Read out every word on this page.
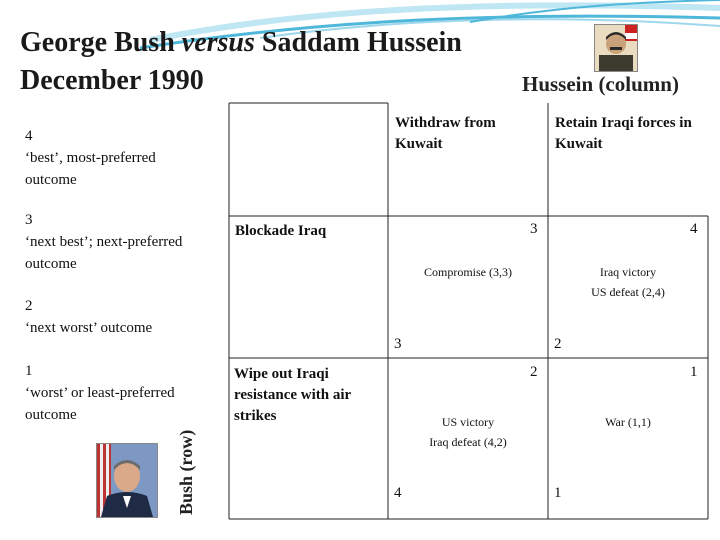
George Bush versus Saddam Hussein
December 1990	Hussein (column)
4
‘best’, most-preferred outcome
3
‘next best’; next-preferred outcome
2
‘next worst’ outcome
1
‘worst’ or least-preferred outcome
Bush (row)
Withdraw from Kuwait
Retain Iraqi forces in Kuwait
Blockade Iraq
Wipe out Iraqi resistance with air strikes
3
Compromise (3,3)
3
4
Iraq victory
US defeat (2,4)
2
2
US victory
Iraq defeat (4,2)
4
1
War (1,1)
1
